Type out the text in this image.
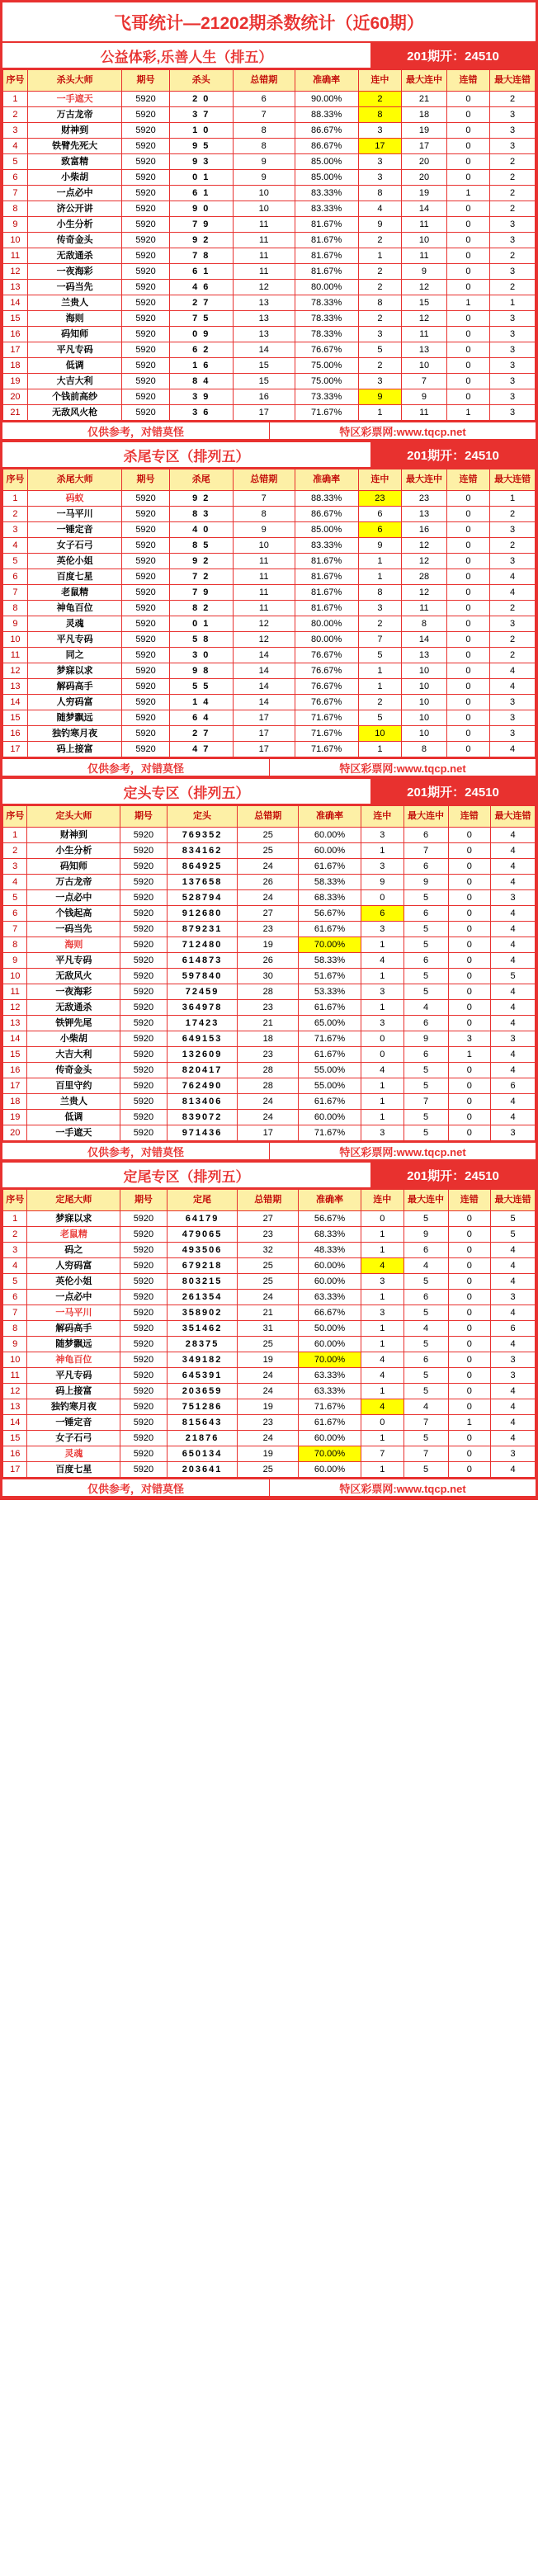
飞哥统计—21202期杀数统计（近60期）
公益体彩,乐善人生（排五）	201期开：24510
序号	杀头大师	期号	杀头	总错期	准确率	连中	最大连中	连错	最大连错
1	一手遮天	5920	2 0	6	90.00%	2	21	0	2
2	万古龙帝	5920	3 7	7	88.33%	8	18	0	3
3	财神到	5920	1 0	8	86.67%	3	19	0	3
4	铁臂先死大	5920	9 5	8	86.67%	17	17	0	3
5	致富精	5920	9 3	9	85.00%	3	20	0	2
6	小柴胡	5920	0 1	9	85.00%	3	20	0	2
7	一点必中	5920	6 1	10	83.33%	8	19	1	2
8	济公开讲	5920	9 0	10	83.33%	4	14	0	2
9	小生分析	5920	7 9	11	81.67%	9	11	0	3
10	传奇金头	5920	9 2	11	81.67%	2	10	0	3
11	无敌通杀	5920	7 8	11	81.67%	1	11	0	2
12	一夜海彩	5920	6 1	11	81.67%	2	9	0	3
13	一码当先	5920	4 6	12	80.00%	2	12	0	2
14	兰贵人	5920	2 7	13	78.33%	8	15	1	1
15	海则	5920	7 5	13	78.33%	2	12	0	3
16	码知师	5920	0 9	13	78.33%	3	11	0	3
17	平凡专码	5920	6 2	14	76.67%	5	13	0	3
18	低调	5920	1 6	15	75.00%	2	10	0	3
19	大吉大利	5920	8 4	15	75.00%	3	7	0	3
20	个钱前高纱	5920	3 9	16	73.33%	9	9	0	3
21	无敌风火枪	5920	3 6	17	71.67%	1	11	1	3
仅供参考，对错莫怪	特区彩票网:www.tqcp.net
杀尾专区（排列五）	201期开：24510
序号	杀尾大师	期号	杀尾	总错期	准确率	连中	最大连中	连错	最大连错
1	码蚁	5920	9 2	7	88.33%	23	23	0	1
2	一马平川	5920	8 3	8	86.67%	6	13	0	2
3	一锤定音	5920	4 0	9	85.00%	6	16	0	3
4	女子石弓	5920	8 5	10	83.33%	9	12	0	2
5	英伦小姐	5920	9 2	11	81.67%	1	12	0	3
6	百度七星	5920	7 2	11	81.67%	1	28	0	4
7	老鼠精	5920	7 9	11	81.67%	8	12	0	4
8	神龟百位	5920	8 2	11	81.67%	3	11	0	2
9	灵魂	5920	0 1	12	80.00%	2	8	0	3
10	平凡专码	5920	5 8	12	80.00%	7	14	0	2
11	同之	5920	3 0	14	76.67%	5	13	0	2
12	梦寐以求	5920	9 8	14	76.67%	1	10	0	4
13	解码高手	5920	5 5	14	76.67%	1	10	0	4
14	人穷码富	5920	1 4	14	76.67%	2	10	0	3
15	随梦飘远	5920	6 4	17	71.67%	5	10	0	3
16	独钓寒月夜	5920	2 7	17	71.67%	10	10	0	3
17	码上接富	5920	4 7	17	71.67%	1	8	0	4
仅供参考，对错莫怪	特区彩票网:www.tqcp.net
定头专区（排列五）	201期开：24510
序号	定头大师	期号	定头	总错期	准确率	连中	最大连中	连错	最大连错
1	财神到	5920	769352	25	60.00%	3	6	0	4
2	小生分析	5920	834162	25	60.00%	1	7	0	4
3	码知师	5920	864925	24	61.67%	3	6	0	4
4	万古龙帝	5920	137658	26	58.33%	9	9	0	4
5	一点必中	5920	528794	24	68.33%	0	5	0	3
6	个钱起高	5920	912680	27	56.67%	6	6	0	4
7	一码当先	5920	879231	23	61.67%	3	5	0	4
8	海则	5920	712480	19	70.00%	1	5	0	4
9	平凡专码	5920	614873	26	58.33%	4	6	0	4
10	无敌风火	5920	597840	30	51.67%	1	5	0	5
11	一夜海彩	5920	72459	28	53.33%	3	5	0	4
12	无敌通杀	5920	364978	23	61.67%	1	4	0	4
13	铁钾先尾	5920	17423	21	65.00%	3	6	0	4
14	小柴胡	5920	649153	18	71.67%	0	9	3	3
15	大吉大利	5920	132609	23	61.67%	0	6	1	4
16	传奇金头	5920	820417	28	55.00%	4	5	0	4
17	百里守约	5920	762490	28	55.00%	1	5	0	6
18	兰贵人	5920	813406	24	61.67%	1	7	0	4
19	低调	5920	839072	24	60.00%	1	5	0	4
20	一手遮天	5920	971436	17	71.67%	3	5	0	3
仅供参考，对错莫怪	特区彩票网:www.tqcp.net
定尾专区（排列五）	201期开：24510
序号	定尾大师	期号	定尾	总错期	准确率	连中	最大连中	连错	最大连错
1	梦寐以求	5920	64179	27	56.67%	0	5	0	5
2	老鼠精	5920	479065	23	68.33%	1	9	0	5
3	码之	5920	493506	32	48.33%	1	6	0	4
4	人穷码富	5920	679218	25	60.00%	4	4	0	4
5	英伦小姐	5920	803215	25	60.00%	3	5	0	4
6	一点必中	5920	261354	24	63.33%	1	6	0	3
7	一马平川	5920	358902	21	66.67%	3	5	0	4
8	解码高手	5920	351462	31	50.00%	1	4	0	6
9	随梦飘远	5920	28375	25	60.00%	1	5	0	4
10	神龟百位	5920	349182	19	70.00%	4	6	0	3
11	平凡专码	5920	645391	24	63.33%	4	5	0	3
12	码上接富	5920	203659	24	63.33%	1	5	0	4
13	独钓寒月夜	5920	751286	19	71.67%	4	4	0	4
14	一锤定音	5920	815643	23	61.67%	0	7	1	4
15	女子石弓	5920	21876	24	60.00%	1	5	0	4
16	灵魂	5920	650134	19	70.00%	7	7	0	3
17	百度七星	5920	203641	25	60.00%	1	5	0	4
仅供参考，对错莫怪	特区彩票网:www.tqcp.net
